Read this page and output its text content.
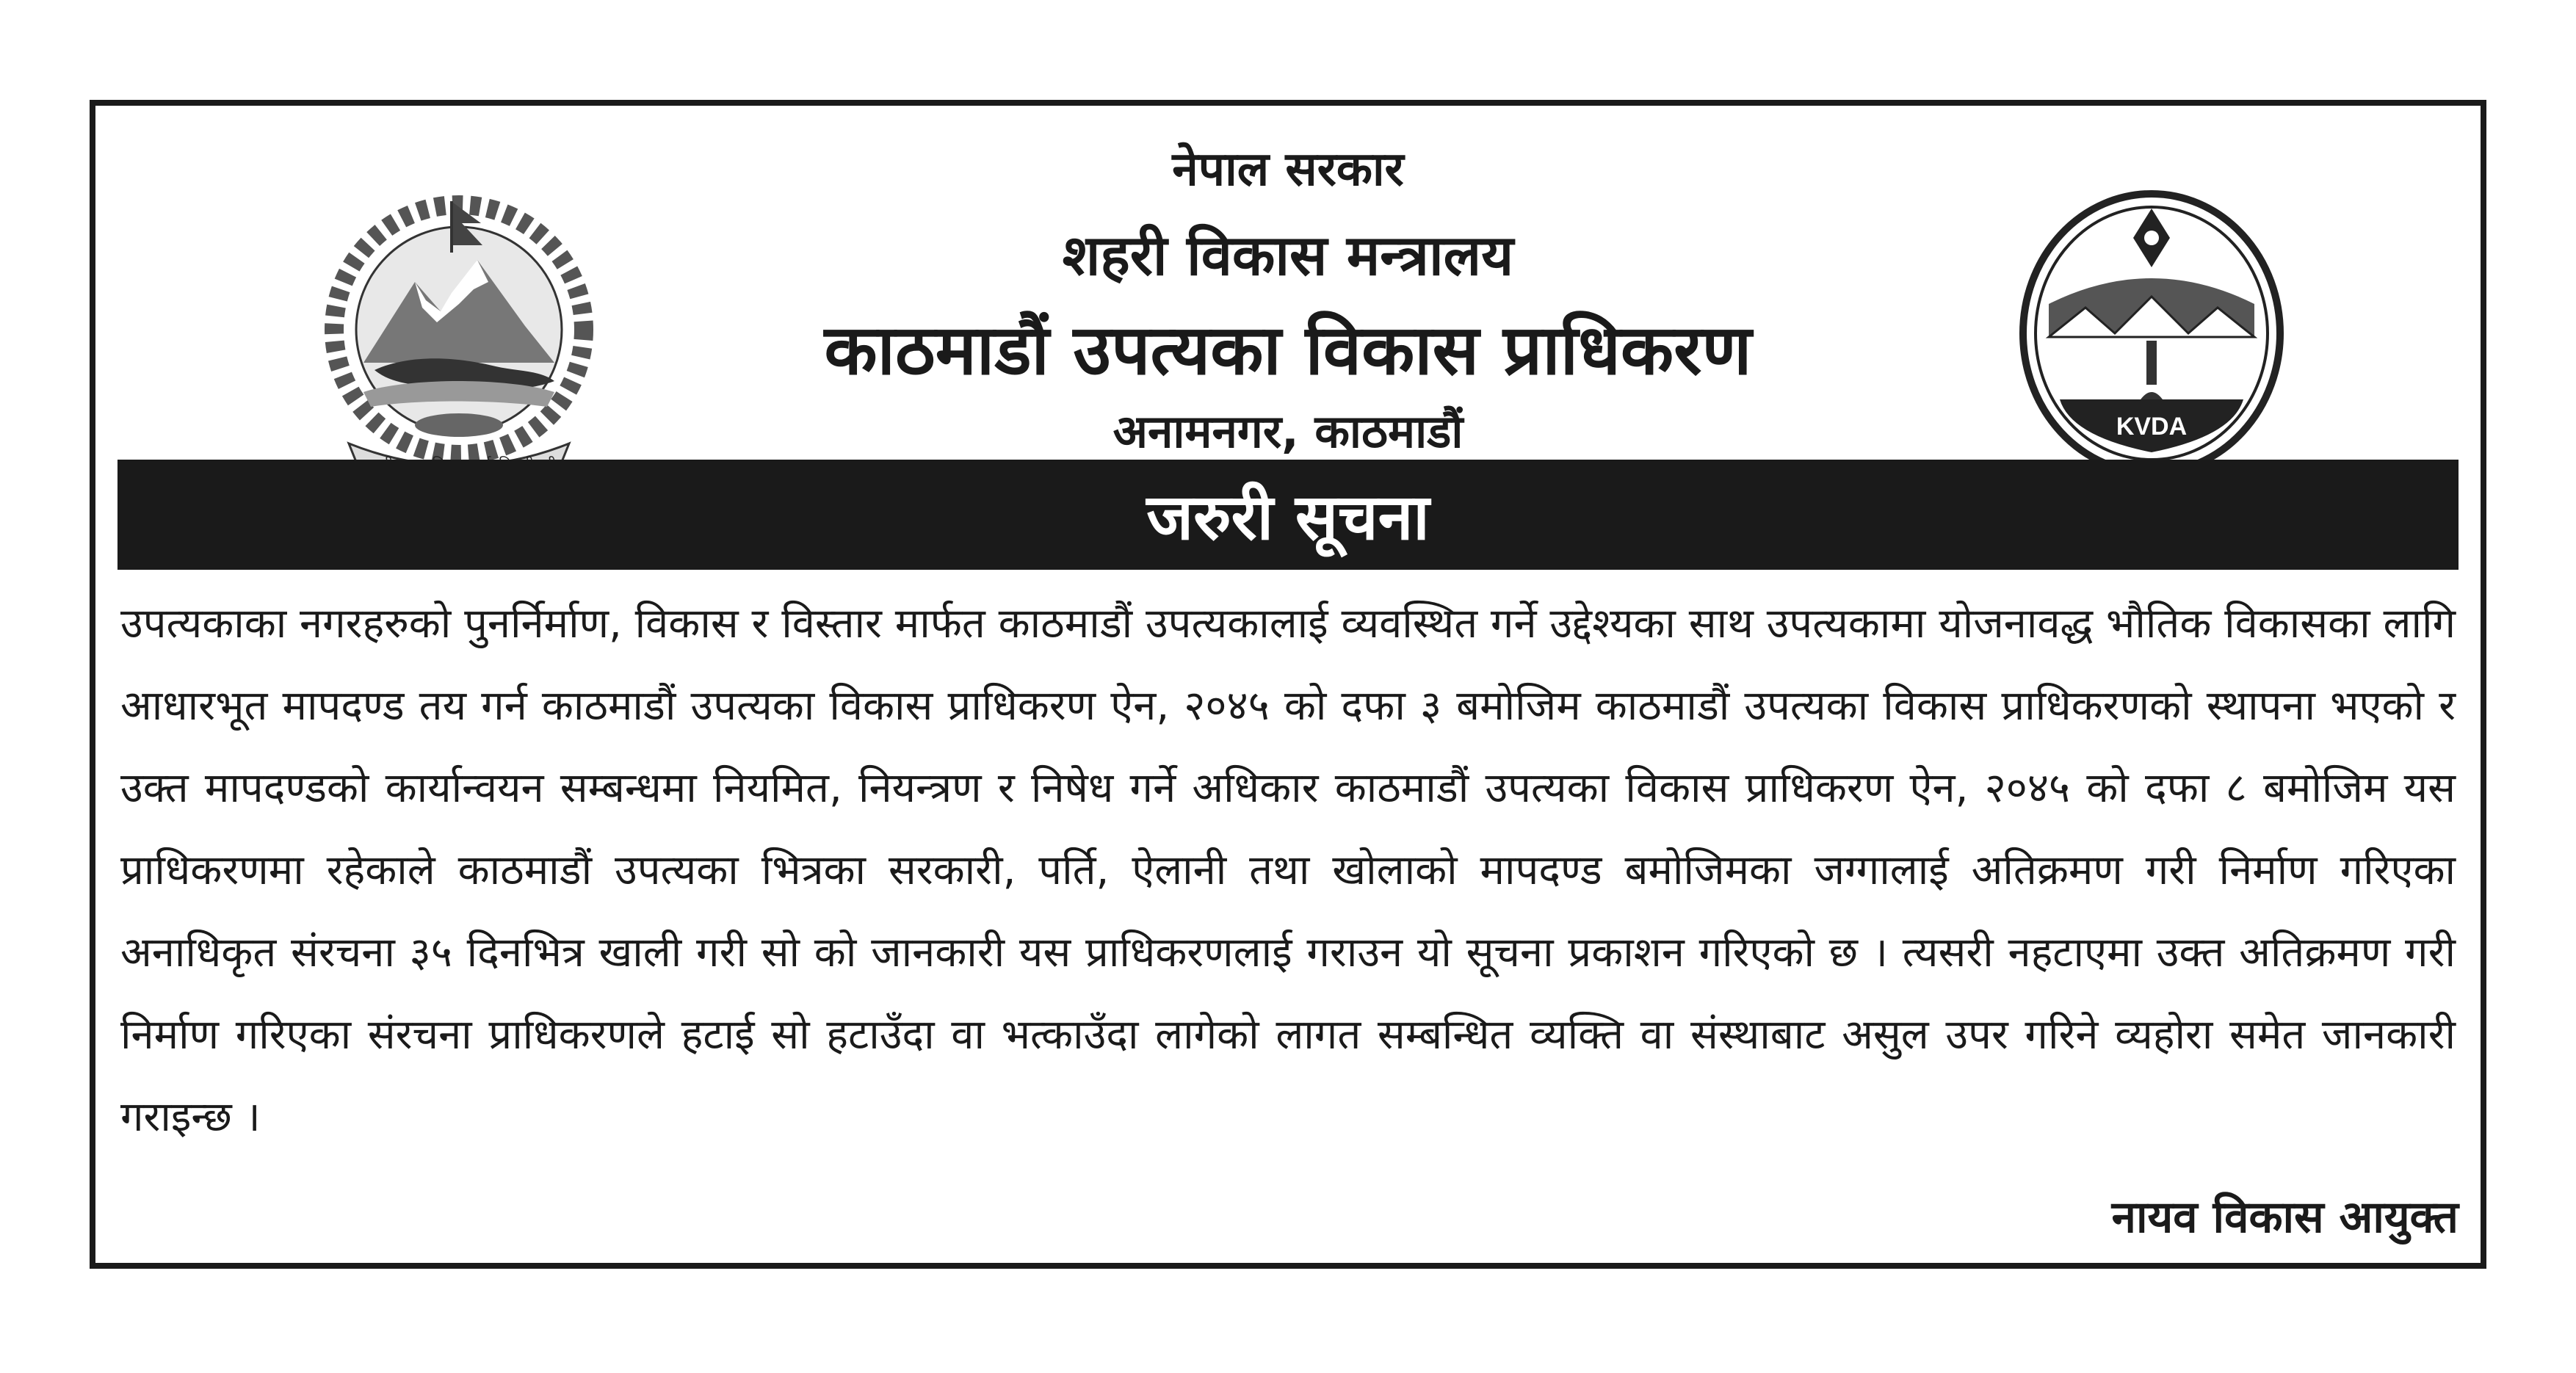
नेपाल सरकार
शहरी विकास मन्त्रालय
काठमाडौं उपत्यका विकास प्राधिकरण
अनामनगर, काठमाडौं	KVDA
जरुरी सूचना
उपत्यकाका नगरहरुको पुनर्निर्माण, विकास र विस्तार मार्फत काठमाडौं उपत्यकालाई व्यवस्थित गर्ने उद्देश्यका साथ उपत्यकामा योजनावद्ध भौतिक विकासका लागि आधारभूत मापदण्ड तय गर्न काठमाडौं उपत्यका विकास प्राधिकरण ऐन, २०४५ को दफा ३ बमोजिम काठमाडौं उपत्यका विकास प्राधिकरणको स्थापना भएको र उक्त मापदण्डको कार्यान्वयन सम्बन्धमा नियमित, नियन्त्रण र निषेध गर्ने अधिकार काठमाडौं उपत्यका विकास प्राधिकरण ऐन, २०४५ को दफा ८ बमोजिम यस प्राधिकरणमा रहेकाले काठमाडौं उपत्यका भित्रका सरकारी, पर्ति, ऐलानी तथा खोलाको मापदण्ड बमोजिमका जग्गालाई अतिक्रमण गरी निर्माण गरिएका अनाधिकृत संरचना ३५ दिनभित्र खाली गरी सो को जानकारी यस प्राधिकरणलाई गराउन यो सूचना प्रकाशन गरिएको छ । त्यसरी नहटाएमा उक्त अतिक्रमण गरी निर्माण गरिएका संरचना प्राधिकरणले हटाई सो हटाउँदा वा भत्काउँदा लागेको लागत सम्बन्धित व्यक्ति वा संस्थाबाट असुल उपर गरिने व्यहोरा समेत जानकारी गराइन्छ ।
नायव विकास आयुक्त
